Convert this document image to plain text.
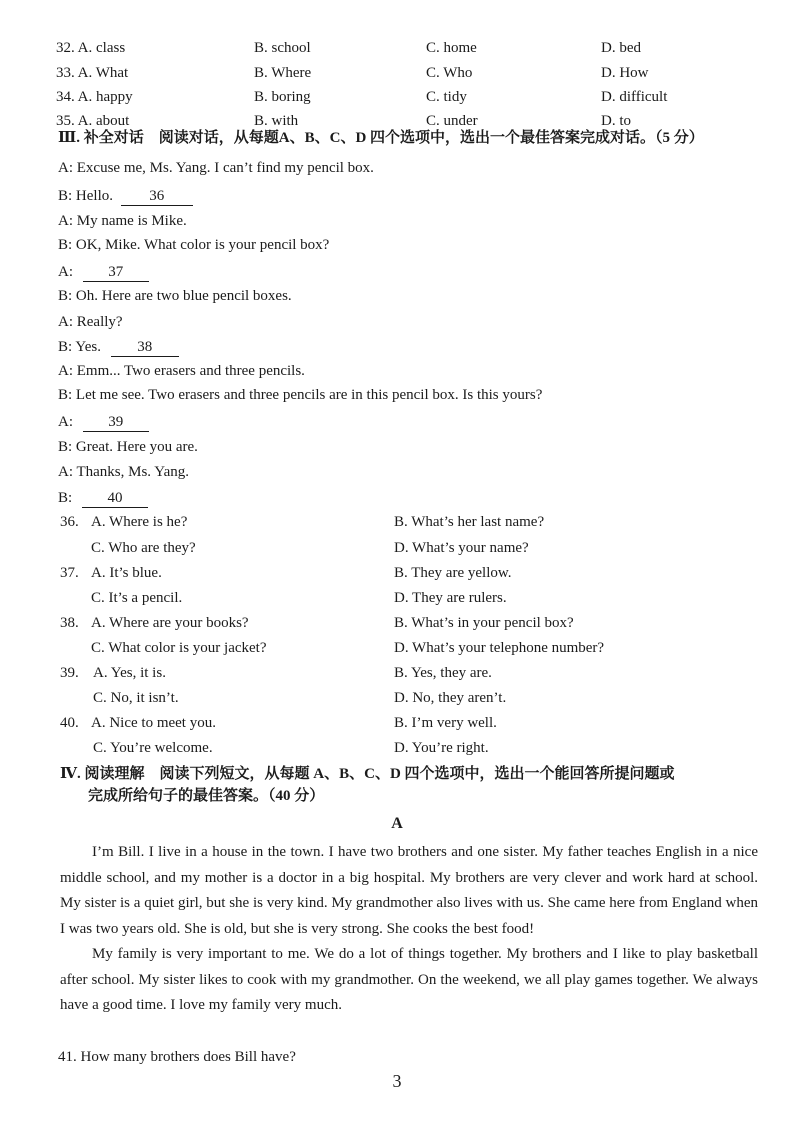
32. A. class	B. school	C. home	D. bed
33. A. What	B. Where	C. Who	D. How
34. A. happy	B. boring	C. tidy	D. difficult
35. A. about	B. with	C. under	D. to
Ⅲ. 补全对话　阅读对话，从每题A、B、C、D 四个选项中，选出一个最佳答案完成对话。（5 分）
A: Excuse me, Ms. Yang. I can’t find my pencil box.
B: Hello. 36
A: My name is Mike.
B: OK, Mike. What color is your pencil box?
A: 37
B: Oh. Here are two blue pencil boxes.
A: Really?
B: Yes. 38
A: Emm... Two erasers and three pencils.
B: Let me see. Two erasers and three pencils are in this pencil box. Is this yours?
A: 39
B: Great. Here you are.
A: Thanks, Ms. Yang.
B: 40
36. A. Where is he?	B. What’s her last name?
C. Who are they?	D. What’s your name?
37. A. It’s blue.	B. They are yellow.
C. It’s a pencil.	D. They are rulers.
38. A. Where are your books?	B. What’s in your pencil box?
C. What color is your jacket?	D. What’s your telephone number?
39. A. Yes, it is.	B. Yes, they are.
C. No, it isn’t.	D. No, they aren’t.
40. A. Nice to meet you.	B. I’m very well.
C. You’re welcome.	D. You’re right.
Ⅳ. 阅读理解　阅读下列短文，从每题 A、B、C、D 四个选项中，选出一个能回答所提问题或
完成所给句子的最佳答案。（40 分）
A

I’m Bill. I live in a house in the town. I have two brothers and one sister. My father teaches English in a nice middle school, and my mother is a doctor in a big hospital. My brothers are very clever and work hard at school. My sister is a quiet girl, but she is very kind. My grandmother also lives with us. She came here from England when I was two years old. She is old, but she is very strong. She cooks the best food!

My family is very important to me. We do a lot of things together. My brothers and I like to play basketball after school. My sister likes to cook with my grandmother. On the weekend, we all play games together. We always have a good time. I love my family very much.

41. How many brothers does Bill have?
3
